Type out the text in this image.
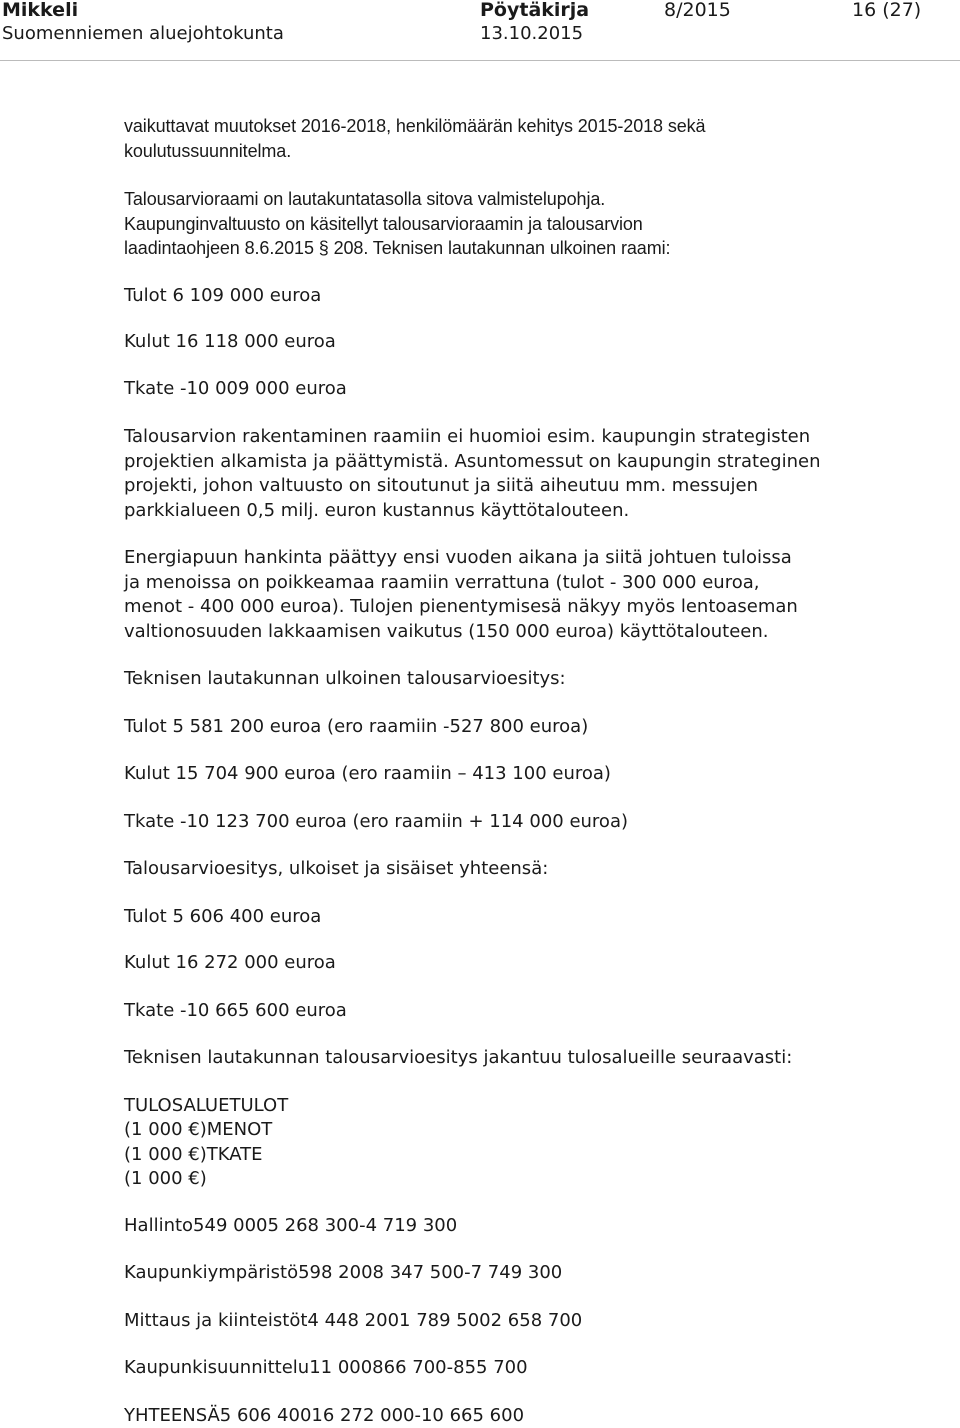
Mikkeli
Suomenniemen aluejohtokunta
Pöytäkirja
13.10.2015
8/2015	16 (27)

vaikuttavat muutokset 2016-2018, henkilömäärän kehitys 2015-2018 sekä
koulutussuunnitelma.

Talousarvioraami on lautakuntatasolla sitova valmistelupohja.
Kaupunginvaltuusto on käsitellyt talousarvioraamin ja talousarvion
laadintaohjeen 8.6.2015 § 208. Teknisen lautakunnan ulkoinen raami:

Tulot 6 109 000 euroa

Kulut 16 118 000 euroa

Tkate -10 009 000 euroa

Talousarvion rakentaminen raamiin ei huomioi esim. kaupungin strategisten
projektien alkamista ja päättymistä. Asuntomessut on kaupungin strateginen
projekti, johon valtuusto on sitoutunut ja siitä aiheutuu mm. messujen
parkkialueen 0,5 milj. euron kustannus käyttötalouteen.

Energiapuun hankinta päättyy ensi vuoden aikana ja siitä johtuen tuloissa
ja menoissa on poikkeamaa raamiin verrattuna (tulot - 300 000 euroa,
menot - 400 000 euroa). Tulojen pienentymisesä näkyy myös lentoaseman
valtionosuuden lakkaamisen vaikutus (150 000 euroa) käyttötalouteen.

Teknisen lautakunnan ulkoinen talousarvioesitys:

Tulot 5 581 200 euroa (ero raamiin -527 800 euroa)

Kulut 15 704 900 euroa (ero raamiin – 413 100 euroa)

Tkate -10 123 700 euroa (ero raamiin + 114 000 euroa)

Talousarvioesitys, ulkoiset ja sisäiset yhteensä:

Tulot 5 606 400 euroa

Kulut 16 272 000 euroa

Tkate -10 665 600 euroa

Teknisen lautakunnan talousarvioesitys jakantuu tulosalueille seuraavasti:

TULOSALUETULOT
(1 000 €)MENOT
(1 000 €)TKATE
(1 000 €)

Hallinto549 0005 268 300-4 719 300

Kaupunkiympäristö598 2008 347 500-7 749 300

Mittaus ja kiinteistöt4 448 2001 789 5002 658 700

Kaupunkisuunnittelu11 000866 700-855 700

YHTEENSÄ5 606 40016 272 000-10 665 600
